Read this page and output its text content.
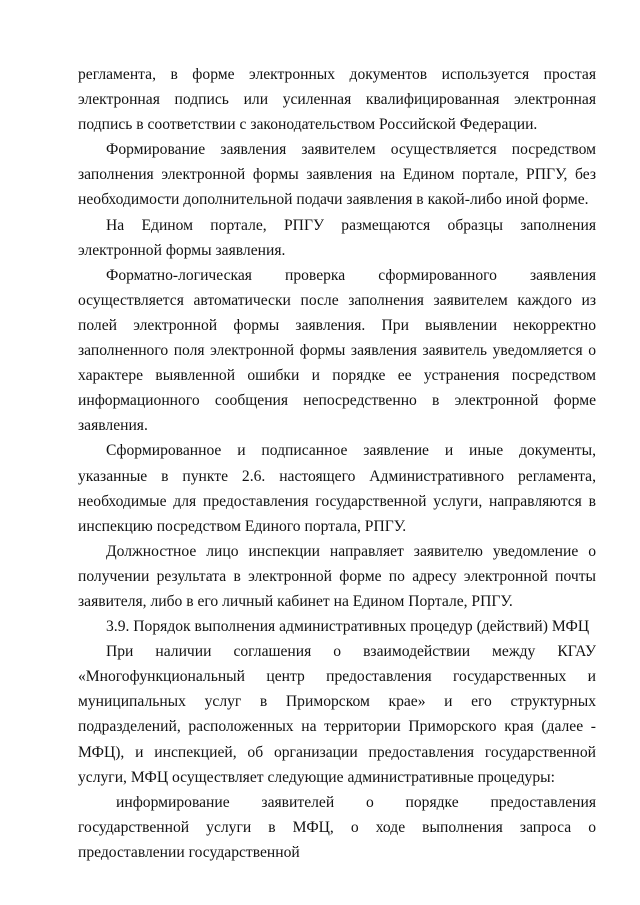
регламента, в форме электронных документов используется простая электронная подпись или усиленная квалифицированная электронная подпись в соответствии с законодательством Российской Федерации.

Формирование заявления заявителем осуществляется посредством заполнения электронной формы заявления на Едином портале, РПГУ, без необходимости дополнительной подачи заявления в какой-либо иной форме.

На Едином портале, РПГУ размещаются образцы заполнения электронной формы заявления.

Форматно-логическая проверка сформированного заявления осуществляется автоматически после заполнения заявителем каждого из полей электронной формы заявления. При выявлении некорректно заполненного поля электронной формы заявления заявитель уведомляется о характере выявленной ошибки и порядке ее устранения посредством информационного сообщения непосредственно в электронной форме заявления.

Сформированное и подписанное заявление и иные документы, указанные в пункте 2.6. настоящего Административного регламента, необходимые для предоставления государственной услуги, направляются в инспекцию посредством Единого портала, РПГУ.

Должностное лицо инспекции направляет заявителю уведомление о получении результата в электронной форме по адресу электронной почты заявителя, либо в его личный кабинет на Едином Портале, РПГУ.

3.9. Порядок выполнения административных процедур (действий) МФЦ

При наличии соглашения о взаимодействии между КГАУ «Многофункциональный центр предоставления государственных и муниципальных услуг в Приморском крае» и его структурных подразделений, расположенных на территории Приморского края (далее - МФЦ), и инспекцией, об организации предоставления государственной услуги, МФЦ осуществляет следующие административные процедуры:

информирование заявителей о порядке предоставления государственной услуги в МФЦ, о ходе выполнения запроса о предоставлении государственной
